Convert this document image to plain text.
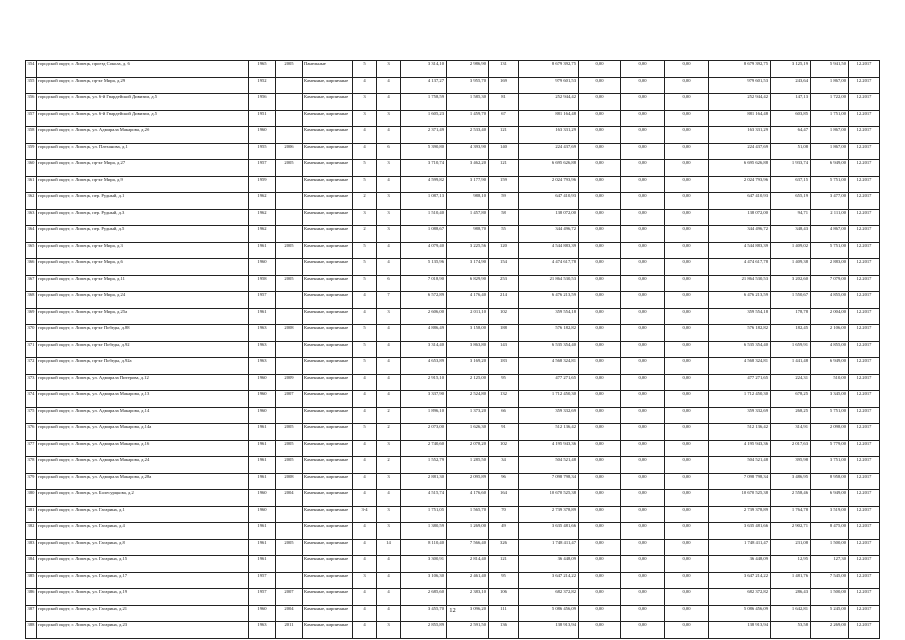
354	городской округ, г. Липецк, проезд Сокола, д. 6	1965	2005	Панельные	5	3	3 314,10	2 986,90	131	8 679 392,75	0,00	0,00	0,00	8 679 392,75	3 125,19	5 941,50	12.2017
355	городской округ, г. Липецк, пр-кт Мира, д.29	1952		Каменные, кирпичные	4	4	4 137,27	3 955,70	169	979 601,53	0,00	0,00	0,00	979 601,53	243,64	1 867,00	12.2017
356	городской округ, г. Липецк, ул. 6-й Гвардейской Дивизии, д.5	1956		Каменные, кирпичные	3	4	1 758,59	1 585,30	81	252 944,42	0,00	0,00	0,00	252 944,42	147,13	1 722,00	12.2017
357	городской округ, г. Липецк, ул. 6-й Гвардейской Дивизии, д.5	1951		Каменные, кирпичные	3	3	1 605,23	1 459,70	67	881 164,48	0,00	0,00	0,00	881 164,48	603,85	1 751,00	12.2017
358	городской округ, г. Липецк, ул. Адмирала Макарова, д.2б	1960		Каменные, кирпичные	4	4	2 371,49	2 533,40	121	163 331,29	0,00	0,00	0,00	163 331,29	64,47	1 867,00	12.2017
359	городской округ, г. Липецк, ул. Плеханова, д.1	1955	2006	Каменные, кирпичные	4	6	5 390,80	4 393,90	140	224 437,69	0,00	0,00	0,00	224 437,69	51,08	1 867,00	12.2017
360	городской округ, г. Липецк, пр-кт Мира, д.27	1957	2005	Каменные, кирпичные	5	3	3 710,74	3 462,20	121	6 695 626,88	0,00	0,00	0,00	6 695 626,88	1 933,74	6 949,00	12.2017
361	городской округ, г. Липецк, пр-кт Мира, д.9	1959		Каменные, кирпичные	5	4	4 599,82	3 177,90	159	2 024 793,96	0,00	0,00	0,00	2 024 793,96	637,15	5 751,00	12.2017
362	городской округ, г. Липецк, пер. Рудный, д.1	1962		Каменные, кирпичные	2	3	1 087,13	988,10	59	647 410,93	0,00	0,00	0,00	647 410,93	655,19	3 477,00	12.2017
363	городской округ, г. Липецк, пер. Рудный, д.3	1962		Каменные, кирпичные	3	3	1 510,40	1 457,80	58	138 072,00	0,00	0,00	0,00	138 072,00	94,71	2 111,00	12.2017
364	городской округ, г. Липецк, пер. Рудный, д.5	1962		Каменные, кирпичные	2	3	1 088,67	988,70	55	344 496,72	0,00	0,00	0,00	344 496,72	348,43	4 867,00	12.2017
365	городской округ, г. Липецк, пр-кт Мира, д.3	1961	2005	Каменные, кирпичные	5	4	4 079,40	3 225,56	120	4 544 883,39	0,00	0,00	0,00	4 544 883,39	1 409,02	5 751,00	12.2017
366	городской округ, г. Липецк, пр-кт Мира, д.6	1960		Каменные, кирпичные	5	4	5 135,96	3 174,90	154	4 474 617,78	0,00	0,00	0,00	4 474 617,78	1 409,38	2 883,00	12.2017
367	городской округ, г. Липецк, пр-кт Мира, д.11	1958	2005	Каменные, кирпичные	5	6	7 018,90	6 829,90	253	21 864 530,53	0,00	0,00	0,00	21 864 530,53	3 202,60	7 079,00	12.2017
368	городской округ, г. Липецк, пр-кт Мира, д.24	1957		Каменные, кирпичные	4	7	6 572,89	4 176,40	214	6 476 213,59	0,00	0,00	0,00	6 476 213,59	1 550,67	4 855,00	12.2017
369	городской округ, г. Липецк, пр-кт Мира, д.25а	1961		Каменные, кирпичные	4	3	2 606,00	2 011,10	102	359 554,18	0,00	0,00	0,00	359 554,18	178,78	2 004,00	12.2017
370	городской округ, г. Липецк, пр-кт Победы, д.88	1963	2008	Каменные, кирпичные	5	4	4 886,49	3 158,00	188	576 182,82	0,00	0,00	0,00	576 182,82	182,45	2 106,00	12.2017
371	городской округ, г. Липецк, пр-кт Победы, д.92	1963		Каменные, кирпичные	5	4	3 314,40	3 863,80	143	6 535 354,40	0,00	0,00	0,00	6 535 354,40	1 659,91	4 855,00	12.2017
372	городской округ, г. Липецк, пр-кт Победы, д.92а	1963		Каменные, кирпичные	5	4	4 653,89	3 169,20	183	4 568 324,81	0,00	0,00	0,00	4 568 324,81	1 441,48	6 949,00	12.2017
373	городской округ, г. Липецк, ул. Адмирала Питерова, д.12	1960	2009	Каменные, кирпичные	4	4	2 915,10	2 125,00	95	477 271,65	0,00	0,00	0,00	477 271,65	224,31	510,00	12.2017
374	городской округ, г. Липецк, ул. Адмирала Макарова, д.13	1960	2007	Каменные, кирпичные	4	4	3 337,90	2 524,80	132	1 712 450,30	0,00	0,00	0,00	1 712 450,30	678,25	3 345,00	12.2017
375	городской округ, г. Липецк, ул. Адмирала Макарова, д.14	1960		Каменные, кирпичные	4	2	1 896,10	1 373,20	66	359 332,69	0,00	0,00	0,00	359 332,69	268,25	5 751,00	12.2017
376	городской округ, г. Липецк, ул. Адмирала Макарова, д.14а	1961	2005	Каменные, кирпичные	5	2	2 073,00	1 626,30	91	512 136,42	0,00	0,00	0,00	512 136,42	314,91	2 098,00	12.2017
377	городской округ, г. Липецк, ул. Адмирала Макарова, д.16	1961	2005	Каменные, кирпичные	4	3	2 740,60	2 078,20	102	4 195 943,36	0,00	0,00	0,00	4 195 943,36	2 017,63	5 779,00	12.2017
378	городской округ, г. Липецк, ул. Адмирала Макарова, д.24	1961	2005	Каменные, кирпичные	4	2	1 552,79	1 285,50	34	504 521,48	0,00	0,00	0,00	504 521,48	395,98	3 751,00	12.2017
379	городской округ, г. Липецк, ул. Адмирала Макарова, д.28а	1961	2008	Каменные, кирпичные	4	3	2 881,30	2 095,89	96	7 098 798,34	0,00	0,00	0,00	7 098 798,34	3 486,95	8 958,00	12.2017
380	городской округ, г. Липецк, ул. Болесурцкова, д.2	1960	2004	Каменные, кирпичные	4	4	4 515,74	4 176,60	164	10 670 525,38	0,00	0,00	0,00	10 670 525,38	2 558,46	6 949,00	12.2017
381	городской округ, г. Липецк, ул. Гагарина, д.1	1960		Каменные, кирпичные	3-4	3	1 751,05	1 565,70	70	2 739 378,89	0,00	0,00	0,00	2 739 378,89	1 764,78	3 519,00	12.2017
382	городской округ, г. Липецк, ул. Гагарина, д.4	1961		Каменные, кирпичные	4	3	1 380,59	1 269,00	49	3 635 481,66	0,00	0,00	0,00	3 635 481,66	2 902,71	8 475,00	12.2017
383	городской округ, г. Липецк, ул. Гагарина, д.8	1961	2005	Каменные, кирпичные	4	14	8 110,40	7 566,40	326	1 748 411,47	0,00	0,00	0,00	1 748 411,47	231,08	1 500,00	12.2017
384	городской округ, г. Липецк, ул. Гагарина, д.15	1961		Каменные, кирпичные	4	4	3 300,91	2 814,40	121	36 448,09	0,00	0,00	0,00	36 448,09	12,95	127,30	12.2017
385	городской округ, г. Липецк, ул. Гагарина, д.17	1957		Каменные, кирпичные	3	4	3 106,30	2 461,40	95	3 647 214,22	0,00	0,00	0,00	3 647 214,22	1 481,76	7 545,00	12.2017
386	городской округ, г. Липецк, ул. Гагарина, д.19	1957	2007	Каменные, кирпичные	4	4	2 685,60	2 383,10	106	682 372,82	0,00	0,00	0,00	682 372,82	286,43	1 500,00	12.2017
387	городской округ, г. Липецк, ул. Гагарина, д.21	1960	2004	Каменные, кирпичные	4	4	3 455,70	3 096,20	111	5 086 456,09	0,00	0,00	0,00	5 086 456,09	1 642,81	5 245,00	12.2017
388	городской округ, г. Липецк, ул. Гагарина, д.23	1963	2011	Каменные, кирпичные	4	3	2 855,89	2 591,50	136	138 913,94	0,00	0,00	0,00	138 913,94	53,58	2 269,00	12.2017
12
